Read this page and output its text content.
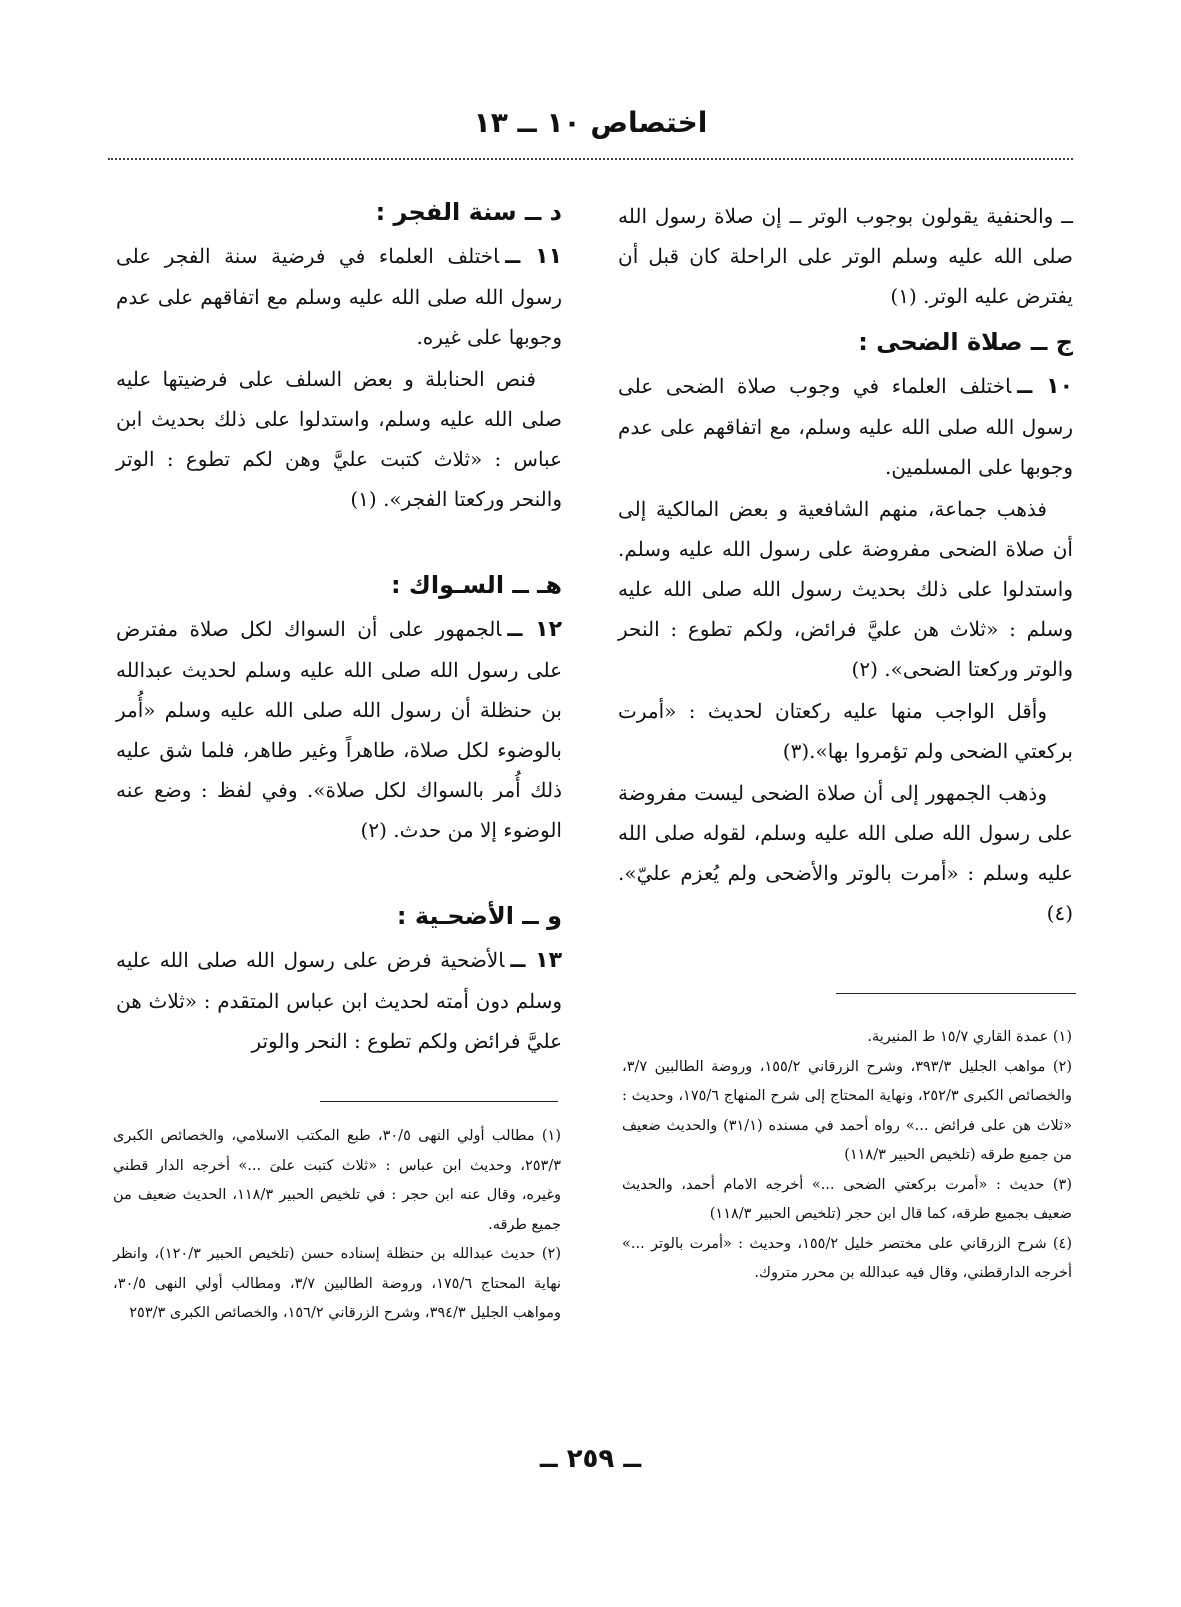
اختصاص ١٠ ــ ١٣

ــ والحنفية يقولون بوجوب الوتر ــ إن صلاة رسول الله صلى الله عليه وسلم الوتر على الراحلة كان قبل أن يفترض عليه الوتر. (١)

ج ــ صلاة الضحى :

١٠ ــاختلف العلماء في وجوب صلاة الضحى على رسول الله صلى الله عليه وسلم، مع اتفاقهم على عدم وجوبها على المسلمين.

فذهب جماعة، منهم الشافعية و بعض المالكية إلى أن صلاة الضحى مفروضة على رسول الله عليه وسلم. واستدلوا على ذلك بحديث رسول الله صلى الله عليه وسلم : «ثلاث هن عليَّ فرائض، ولكم تطوع : النحر والوتر وركعتا الضحى». (٢)

وأقل الواجب منها عليه ركعتان لحديث : «أمرت بركعتي الضحى ولم تؤمروا بها».(٣)

وذهب الجمهور إلى أن صلاة الضحى ليست مفروضة على رسول الله صلى الله عليه وسلم، لقوله صلى الله عليه وسلم : «أمرت بالوتر والأضحى ولم يُعزم عليّ». (٤)

د ــ سنة الفجر :

١١ ــاختلف العلماء في فرضية سنة الفجر على رسول الله صلى الله عليه وسلم مع اتفاقهم على عدم وجوبها على غيره.

فنص الحنابلة و بعض السلف على فرضيتها عليه صلى الله عليه وسلم، واستدلوا على ذلك بحديث ابن عباس : «ثلاث كتبت عليَّ وهن لكم تطوع : الوتر والنحر وركعتا الفجر». (١)

هـ ــ السـواك :

١٢ ــالجمهور على أن السواك لكل صلاة مفترض على رسول الله صلى الله عليه وسلم لحديث عبدالله بن حنظلة أن رسول الله صلى الله عليه وسلم «أُمر بالوضوء لكل صلاة، طاهراً وغير طاهر، فلما شق عليه ذلك أُمر بالسواك لكل صلاة». وفي لفظ : وضع عنه الوضوء إلا من حدث. (٢)

و ــ الأضحـية :

١٣ ــالأضحية فرض على رسول الله صلى الله عليه وسلم دون أمته لحديث ابن عباس المتقدم : «ثلاث هن عليَّ فرائض ولكم تطوع : النحر والوتر	(١) عمدة القاري ١٥/٧ ط المنيرية.
(٢) مواهب الجليل ٣٩٣/٣، وشرح الزرقاني ١٥٥/٢، وروضة الطالبين ٣/٧، والخصائص الكبرى ٢٥٢/٣، ونهاية المحتاج إلى شرح المنهاج ١٧٥/٦، وحديث : «ثلاث هن على فرائض ...» رواه أحمد في مسنده (٣١/١) والحديث ضعيف من جميع طرقه (تلخيص الحبير ١١٨/٣)
(٣) حديث : «أمرت بركعتي الضحى ...» أخرجه الامام أحمد، والحديث ضعيف بجميع طرقه، كما قال ابن حجر (تلخيص الحبير ١١٨/٣)
(٤) شرح الزرقاني على مختصر خليل ١٥٥/٢، وحديث : «أمرت بالوتر ...» أخرجه الدارقطني، وقال فيه عبدالله بن محرر متروك.
(١) مطالب أولي النهى ٣٠/٥، طبع المكتب الاسلامي، والخصائص الكبرى ٢٥٣/٣، وحديث ابن عباس : «ثلاث كتبت علىَ ...» أخرجه الدار قطني وغيره، وقال عنه ابن حجر : في تلخيص الحبير ١١٨/٣، الحديث ضعيف من جميع طرقه.
(٢) حديث عبدالله بن حنظلة إسناده حسن (تلخيص الحبير ١٢٠/٣)، وانظر نهاية المحتاج ١٧٥/٦، وروضة الطالبين ٣/٧، ومطالب أولي النهى ٣٠/٥، ومواهب الجليل ٣٩٤/٣، وشرح الزرقاني ١٥٦/٢، والخصائص الكبرى ٢٥٣/٣
ــ ٢٥٩ ــ
